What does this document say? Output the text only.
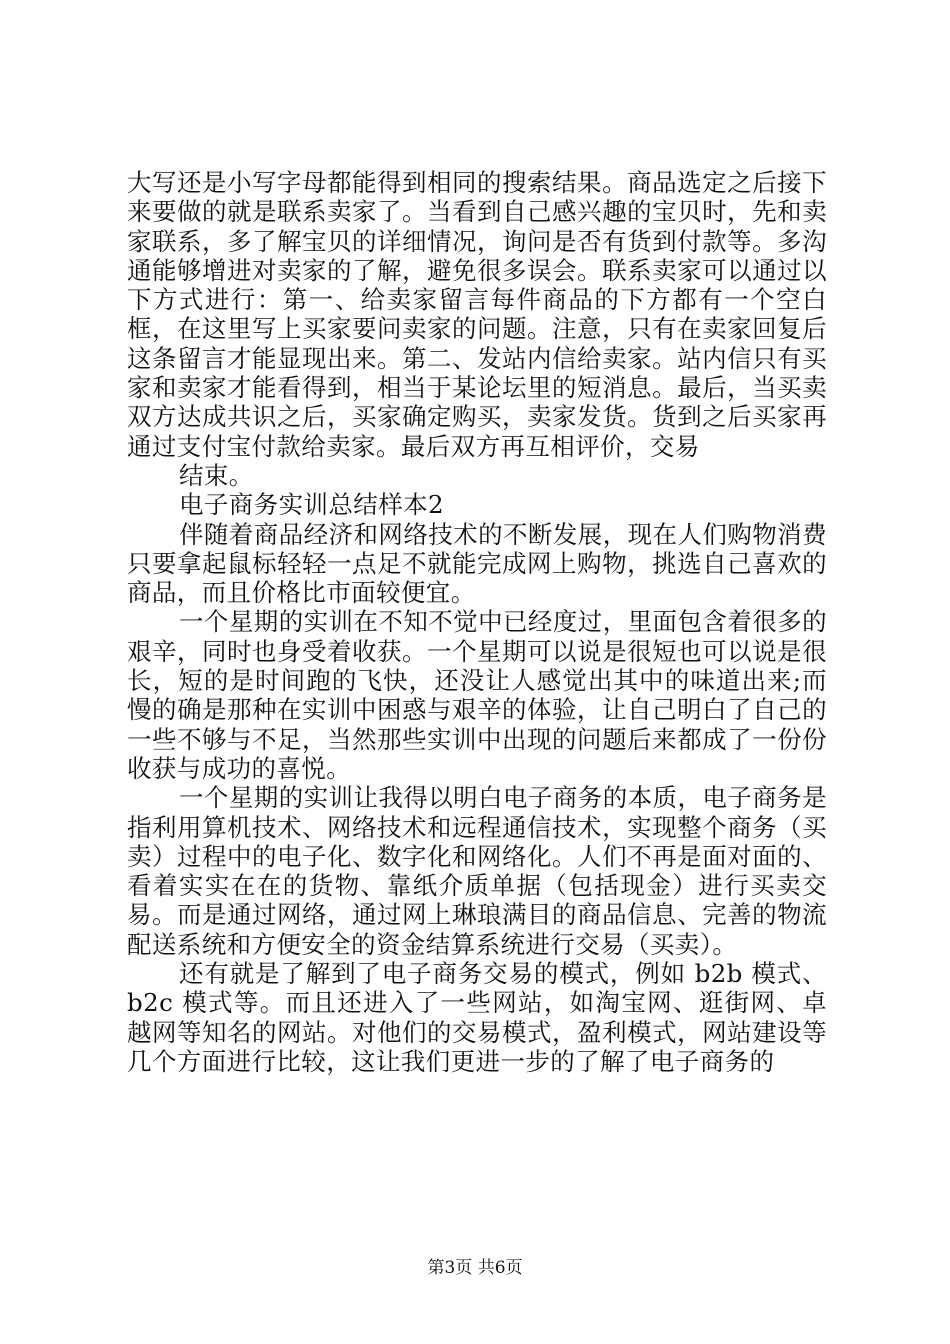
大写还是小写字母都能得到相同的搜索结果。商品选定之后接下来要做的就是联系卖家了。当看到自己感兴趣的宝贝时，先和卖家联系，多了解宝贝的详细情况，询问是否有货到付款等。多沟通能够增进对卖家的了解，避免很多误会。联系卖家可以通过以下方式进行：第一、给卖家留言每件商品的下方都有一个空白框，在这里写上买家要问卖家的问题。注意，只有在卖家回复后这条留言才能显现出来。第二、发站内信给卖家。站内信只有买家和卖家才能看得到，相当于某论坛里的短消息。最后，当买卖双方达成共识之后，买家确定购买，卖家发货。货到之后买家再通过支付宝付款给卖家。最后双方再互相评价，交易

结束。

电子商务实训总结样本2

伴随着商品经济和网络技术的不断发展，现在人们购物消费只要拿起鼠标轻轻一点足不就能完成网上购物，挑选自己喜欢的商品，而且价格比市面较便宜。

一个星期的实训在不知不觉中已经度过，里面包含着很多的艰辛，同时也身受着收获。一个星期可以说是很短也可以说是很长，短的是时间跑的飞快，还没让人感觉出其中的味道出来;而慢的确是那种在实训中困惑与艰辛的体验，让自己明白了自己的一些不够与不足，当然那些实训中出现的问题后来都成了一份份收获与成功的喜悦。

一个星期的实训让我得以明白电子商务的本质，电子商务是指利用算机技术、网络技术和远程通信技术，实现整个商务（买卖）过程中的电子化、数字化和网络化。人们不再是面对面的、看着实实在在的货物、靠纸介质单据（包括现金）进行买卖交易。而是通过网络，通过网上琳琅满目的商品信息、完善的物流配送系统和方便安全的资金结算系统进行交易（买卖）。

还有就是了解到了电子商务交易的模式，例如 b2b 模式、b2c 模式等。而且还进入了一些网站，如淘宝网、逛街网、卓越网等知名的网站。对他们的交易模式，盈利模式，网站建设等几个方面进行比较，这让我们更进一步的了解了电子商务的

第3页 共6页
